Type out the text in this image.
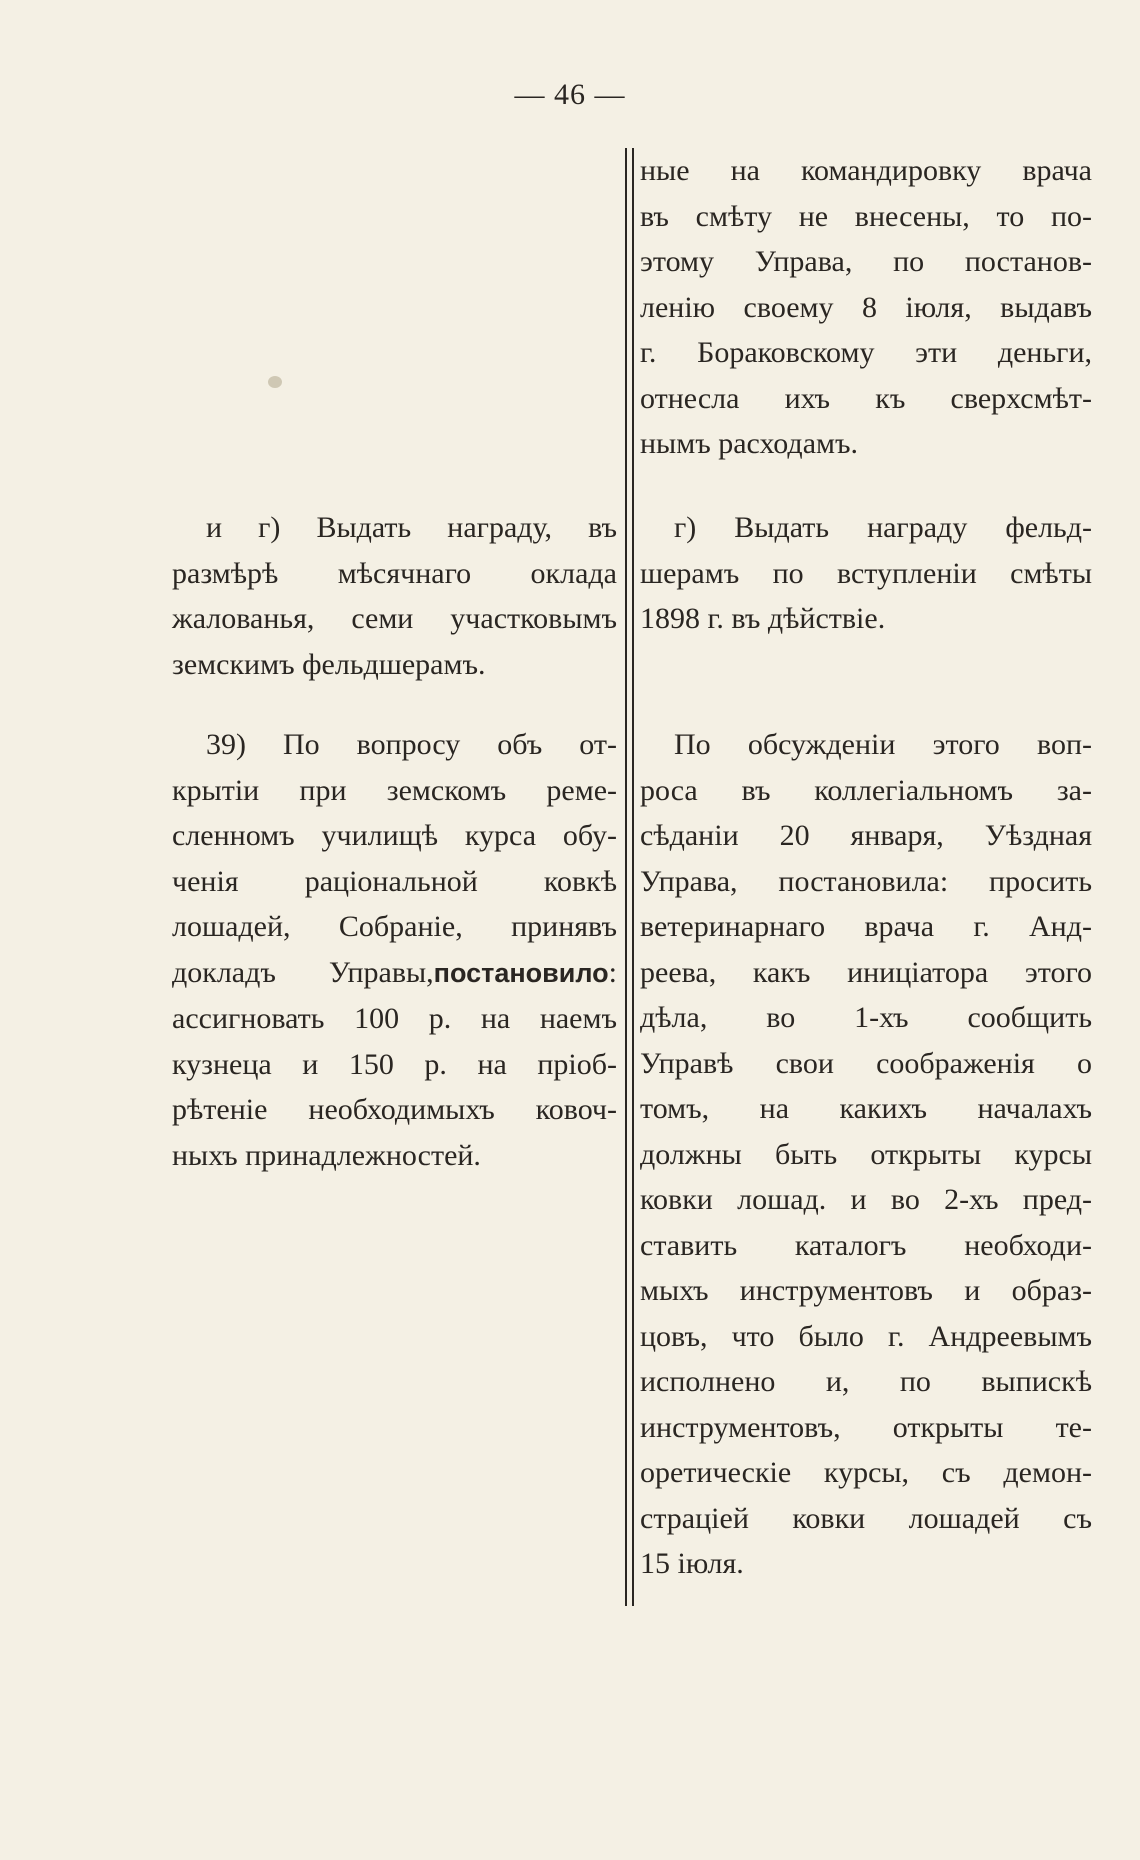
— 46 —
и г) Выдать награду, въ
размѣрѣ мѣсячнаго оклада
жалованья, семи участковымъ
земскимъ фельдшерамъ.
39) По вопросу объ от-
крытіи при земскомъ реме-
сленномъ училищѣ курса обу-
ченія раціональной ковкѣ
лошадей, Собраніе, принявъ
докладъ Управы,постановило:
ассигновать 100 р. на наемъ
кузнеца и 150 р. на пріоб-
рѣтеніе необходимыхъ ковоч-
ныхъ принадлежностей.
ные на командировку врача
въ смѣту не внесены, то по-
этому Управа, по постанов-
ленію своему 8 іюля, выдавъ
г. Бораковскому эти деньги,
отнесла ихъ къ сверхсмѣт-
нымъ расходамъ.
г) Выдать награду фельд-
шерамъ по вступленіи смѣты
1898 г. въ дѣйствіе.
По обсужденіи этого воп-
роса въ коллегіальномъ за-
сѣданіи 20 января, Уѣздная
Управа, постановила: просить
ветеринарнаго врача г. Анд-
реева, какъ иниціатора этого
дѣла, во 1-хъ сообщить
Управѣ свои соображенія о
томъ, на какихъ началахъ
должны быть открыты курсы
ковки лошад. и во 2-хъ пред-
ставить каталогъ необходи-
мыхъ инструментовъ и образ-
цовъ, что было г. Андреевымъ
исполнено и, по выпискѣ
инструментовъ, открыты те-
оретическіе курсы, съ демон-
страціей ковки лошадей съ
15 іюля.
